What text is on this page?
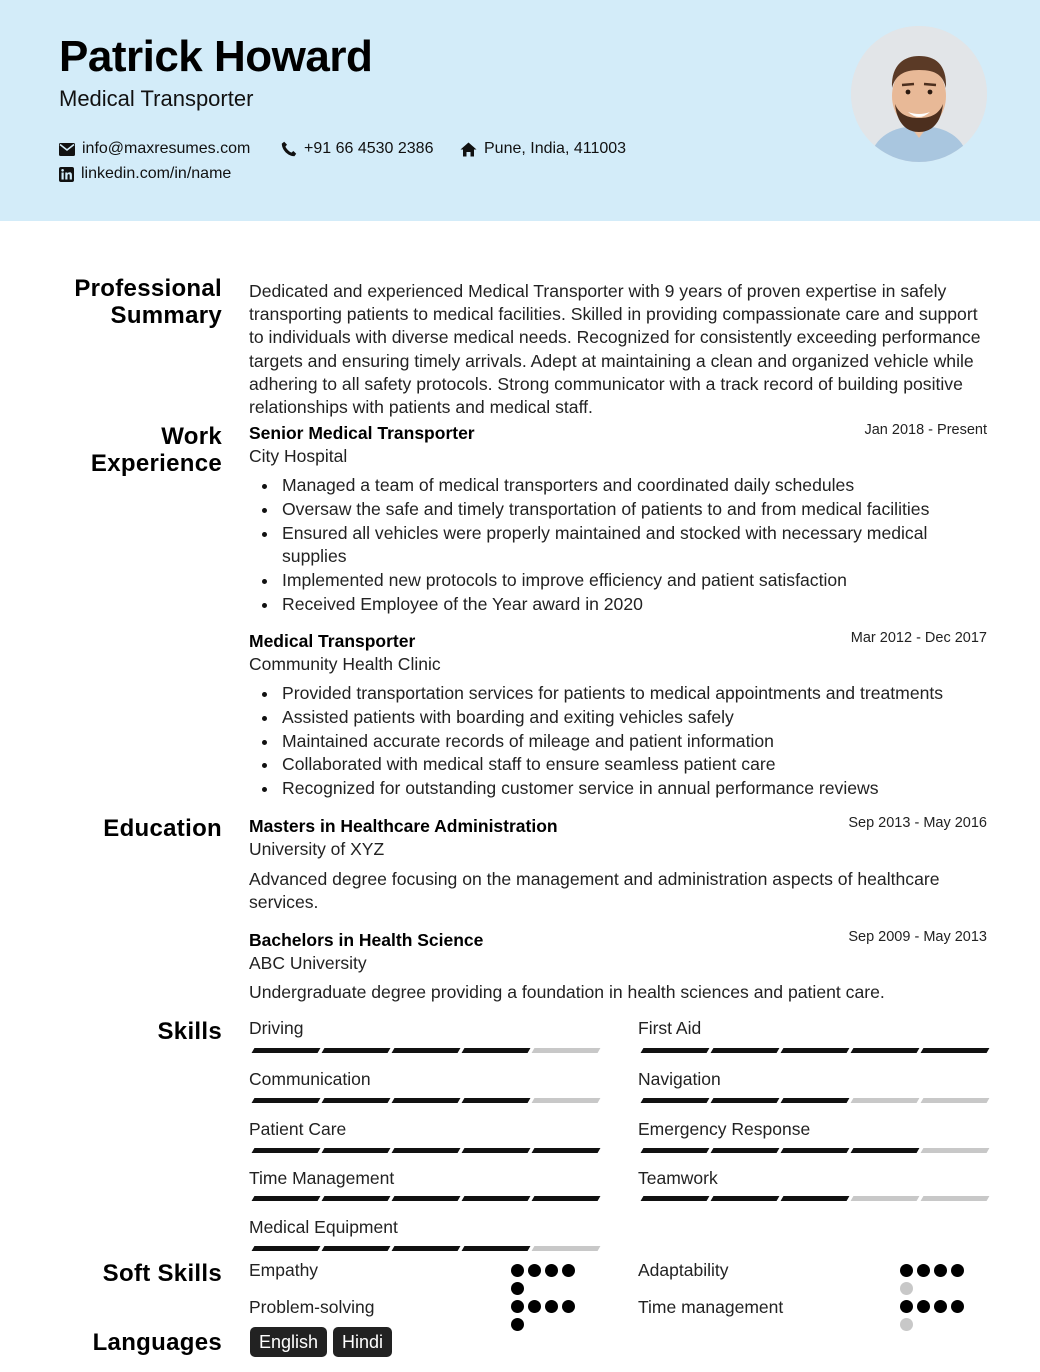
Patrick Howard
Medical Transporter
info@maxresumes.com	+91 66 4530 2386	Pune, India, 411003
linkedin.com/in/name
Professional
Summary
Dedicated and experienced Medical Transporter with 9 years of proven expertise in safely transporting patients to medical facilities. Skilled in providing compassionate care and support to individuals with diverse medical needs. Recognized for consistently exceeding performance targets and ensuring timely arrivals. Adept at maintaining a clean and organized vehicle while adhering to all safety protocols. Strong communicator with a track record of building positive relationships with patients and medical staff.
Work
Experience
Senior Medical Transporter	Jan 2018 - Present
City Hospital
Managed a team of medical transporters and coordinated daily schedules
Oversaw the safe and timely transportation of patients to and from medical facilities
Ensured all vehicles were properly maintained and stocked with necessary medical supplies
Implemented new protocols to improve efficiency and patient satisfaction
Received Employee of the Year award in 2020
Medical Transporter	Mar 2012 - Dec 2017
Community Health Clinic
Provided transportation services for patients to medical appointments and treatments
Assisted patients with boarding and exiting vehicles safely
Maintained accurate records of mileage and patient information
Collaborated with medical staff to ensure seamless patient care
Recognized for outstanding customer service in annual performance reviews
Education Masters in Healthcare Administration	Sep 2013 - May 2016
University of XYZ
Advanced degree focusing on the management and administration aspects of healthcare services.
Bachelors in Health Science	Sep 2009 - May 2013
ABC University
Undergraduate degree providing a foundation in health sciences and patient care.
Skills Driving	First Aid
Communication	Navigation
Patient Care	Emergency Response
Time Management	Teamwork
Medical Equipment
Soft Skills Empathy	Adaptability
Problem-solving	Time management
Languages	English	Hindi
